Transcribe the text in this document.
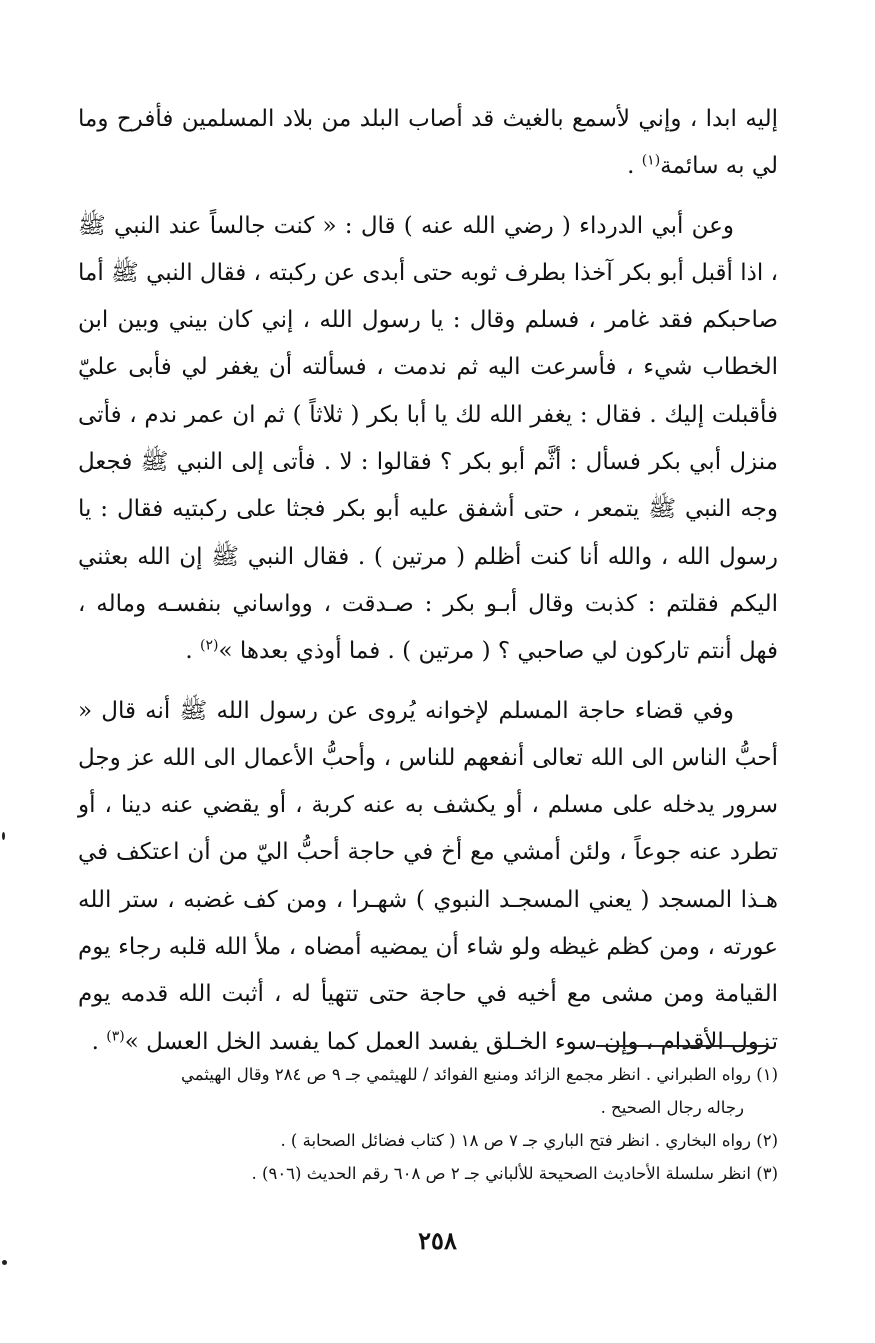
إليه ابدا ، وإني لأسمع بالغيث قد أصاب البلد من بلاد المسلمين فأفرح وما لي به سائمة$^{(١)}$ .

وعن أبي الدرداء ( رضي الله عنه ) قال : « كنت جالساً عند النبي ﷺ ، اذا أقبل أبو بكر آخذا بطرف ثوبه حتى أبدى عن ركبته ، فقال النبي ﷺ أما صاحبكم فقد غامر ، فسلم وقال : يا رسول الله ، إني كان بيني وبين ابن الخطاب شيء ، فأسرعت اليه ثم ندمت ، فسألته أن يغفر لي فأبى عليّ فأقبلت إليك . فقال : يغفر الله لك يا أبا بكر ( ثلاثاً ) ثم ان عمر ندم ، فأتى منزل أبي بكر فسأل : أثَّم أبو بكر ؟ فقالوا : لا . فأتى إلى النبي ﷺ فجعل وجه النبي ﷺ يتمعر ، حتى أشفق عليه أبو بكر فجثا على ركبتيه فقال : يا رسول الله ، والله أنا كنت أظلم ( مرتين ) . فقال النبي ﷺ إن الله بعثني اليكم فقلتم : كذبت وقال أبـو بكر : صـدقت ، وواساني بنفسـه وماله ، فهل أنتم تاركون لي صاحبي ؟ ( مرتين ) . فما أوذي بعدها »$^{(٢)}$ .

وفي قضاء حاجة المسلم لإخوانه يُروى عن رسول الله ﷺ أنه قال « أحبُّ الناس الى الله تعالى أنفعهم للناس ، وأحبُّ الأعمال الى الله عز وجل سرور يدخله على مسلم ، أو يكشف به عنه كربة ، أو يقضي عنه دينا ، أو تطرد عنه جوعاً ، ولئن أمشي مع أخ في حاجة أحبُّ اليّ من أن اعتكف في هـذا المسجد ( يعني المسجـد النبوي ) شهـرا ، ومن كف غضبه ، ستر الله عورته ، ومن كظم غيظه ولو شاء أن يمضيه أمضاه ، ملأ الله قلبه رجاء يوم القيامة ومن مشى مع أخيه في حاجة حتى تتهيأ له ، أثبت الله قدمه يوم تزول الأقدام ، وإن سوء الخـلق يفسد العمل كما يفسد الخل العسل »$^{(٣)}$ .

(١) رواه الطبراني . انظر مجمع الزائد ومنبع الفوائد / للهيثمي جـ ٩ ص ٢٨٤ وقال الهيثمي

رجاله رجال الصحيح .

(٢) رواه البخاري . انظر فتح الباري جـ ٧ ص ١٨ ( كتاب فضائل الصحابة ) .

(٣) انظر سلسلة الأحاديث الصحيحة للألباني جـ ٢ ص ٦٠٨ رقم الحديث (٩٠٦) .

٢٥٨
